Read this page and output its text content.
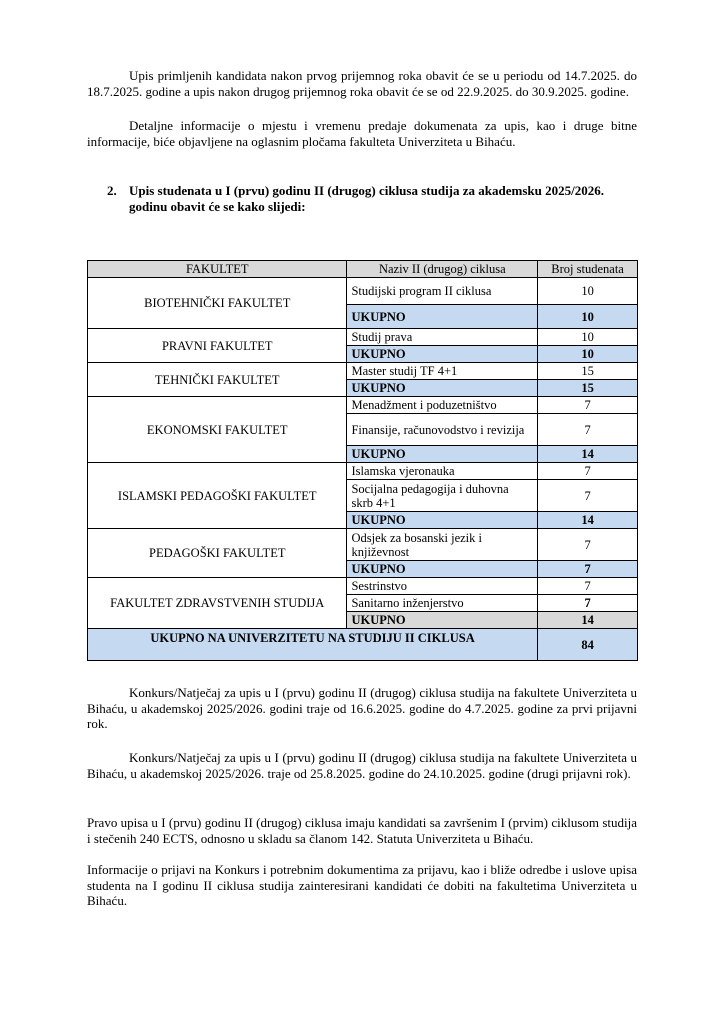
Upis primljenih kandidata nakon prvog prijemnog roka obavit će se u periodu od 14.7.2025. do 18.7.2025. godine a upis nakon drugog prijemnog roka obavit će se od 22.9.2025. do 30.9.2025. godine.

Detaljne informacije o mjestu i vremenu predaje dokumenata za upis, kao i druge bitne informacije, biće objavljene na oglasnim pločama fakulteta Univerziteta u Bihaću.

2. Upis studenata u I (prvu) godinu II (drugog) ciklusa studija za akademsku 2025/2026.
godinu obavit će se kako slijedi:
FAKULTET	Naziv II (drugog) ciklusa	Broj studenata
BIOTEHNIČKI FAKULTET	Studijski program II ciklusa	10
	UKUPNO	10
PRAVNI FAKULTET	Studij prava	10
	UKUPNO	10
TEHNIČKI FAKULTET	Master studij TF 4+1	15
	UKUPNO	15
EKONOMSKI FAKULTET	Menadžment i poduzetništvo	7
	Finansije, računovodstvo i revizija	7
	UKUPNO	14
ISLAMSKI PEDAGOŠKI FAKULTET	Islamska vjeronauka	7
	Socijalna pedagogija i duhovna skrb 4+1	7
	UKUPNO	14
PEDAGOŠKI FAKULTET	Odsjek za bosanski jezik i književnost	7
	UKUPNO	7
FAKULTET ZDRAVSTVENIH STUDIJA	Sestrinstvo	7
	Sanitarno inženjerstvo	7
	UKUPNO	14
UKUPNO NA UNIVERZITETU NA STUDIJU II CIKLUSA		84

Konkurs/Natječaj za upis u I (prvu) godinu II (drugog) ciklusa studija na fakultete Univerziteta u Bihaću, u akademskoj 2025/2026. godini traje od 16.6.2025. godine do 4.7.2025. godine za prvi prijavni rok.

Konkurs/Natječaj za upis u I (prvu) godinu II (drugog) ciklusa studija na fakultete Univerziteta u Bihaću, u akademskoj 2025/2026. traje od 25.8.2025. godine do 24.10.2025. godine (drugi prijavni rok).

Pravo upisa u I (prvu) godinu II (drugog) ciklusa imaju kandidati sa završenim I (prvim) ciklusom studija i stečenih 240 ECTS, odnosno u skladu sa članom 142. Statuta Univerziteta u Bihaću.

Informacije o prijavi na Konkurs i potrebnim dokumentima za prijavu, kao i bliže odredbe i uslove upisa studenta na I godinu II ciklusa studija zainteresirani kandidati će dobiti na fakultetima Univerziteta u Bihaću.
